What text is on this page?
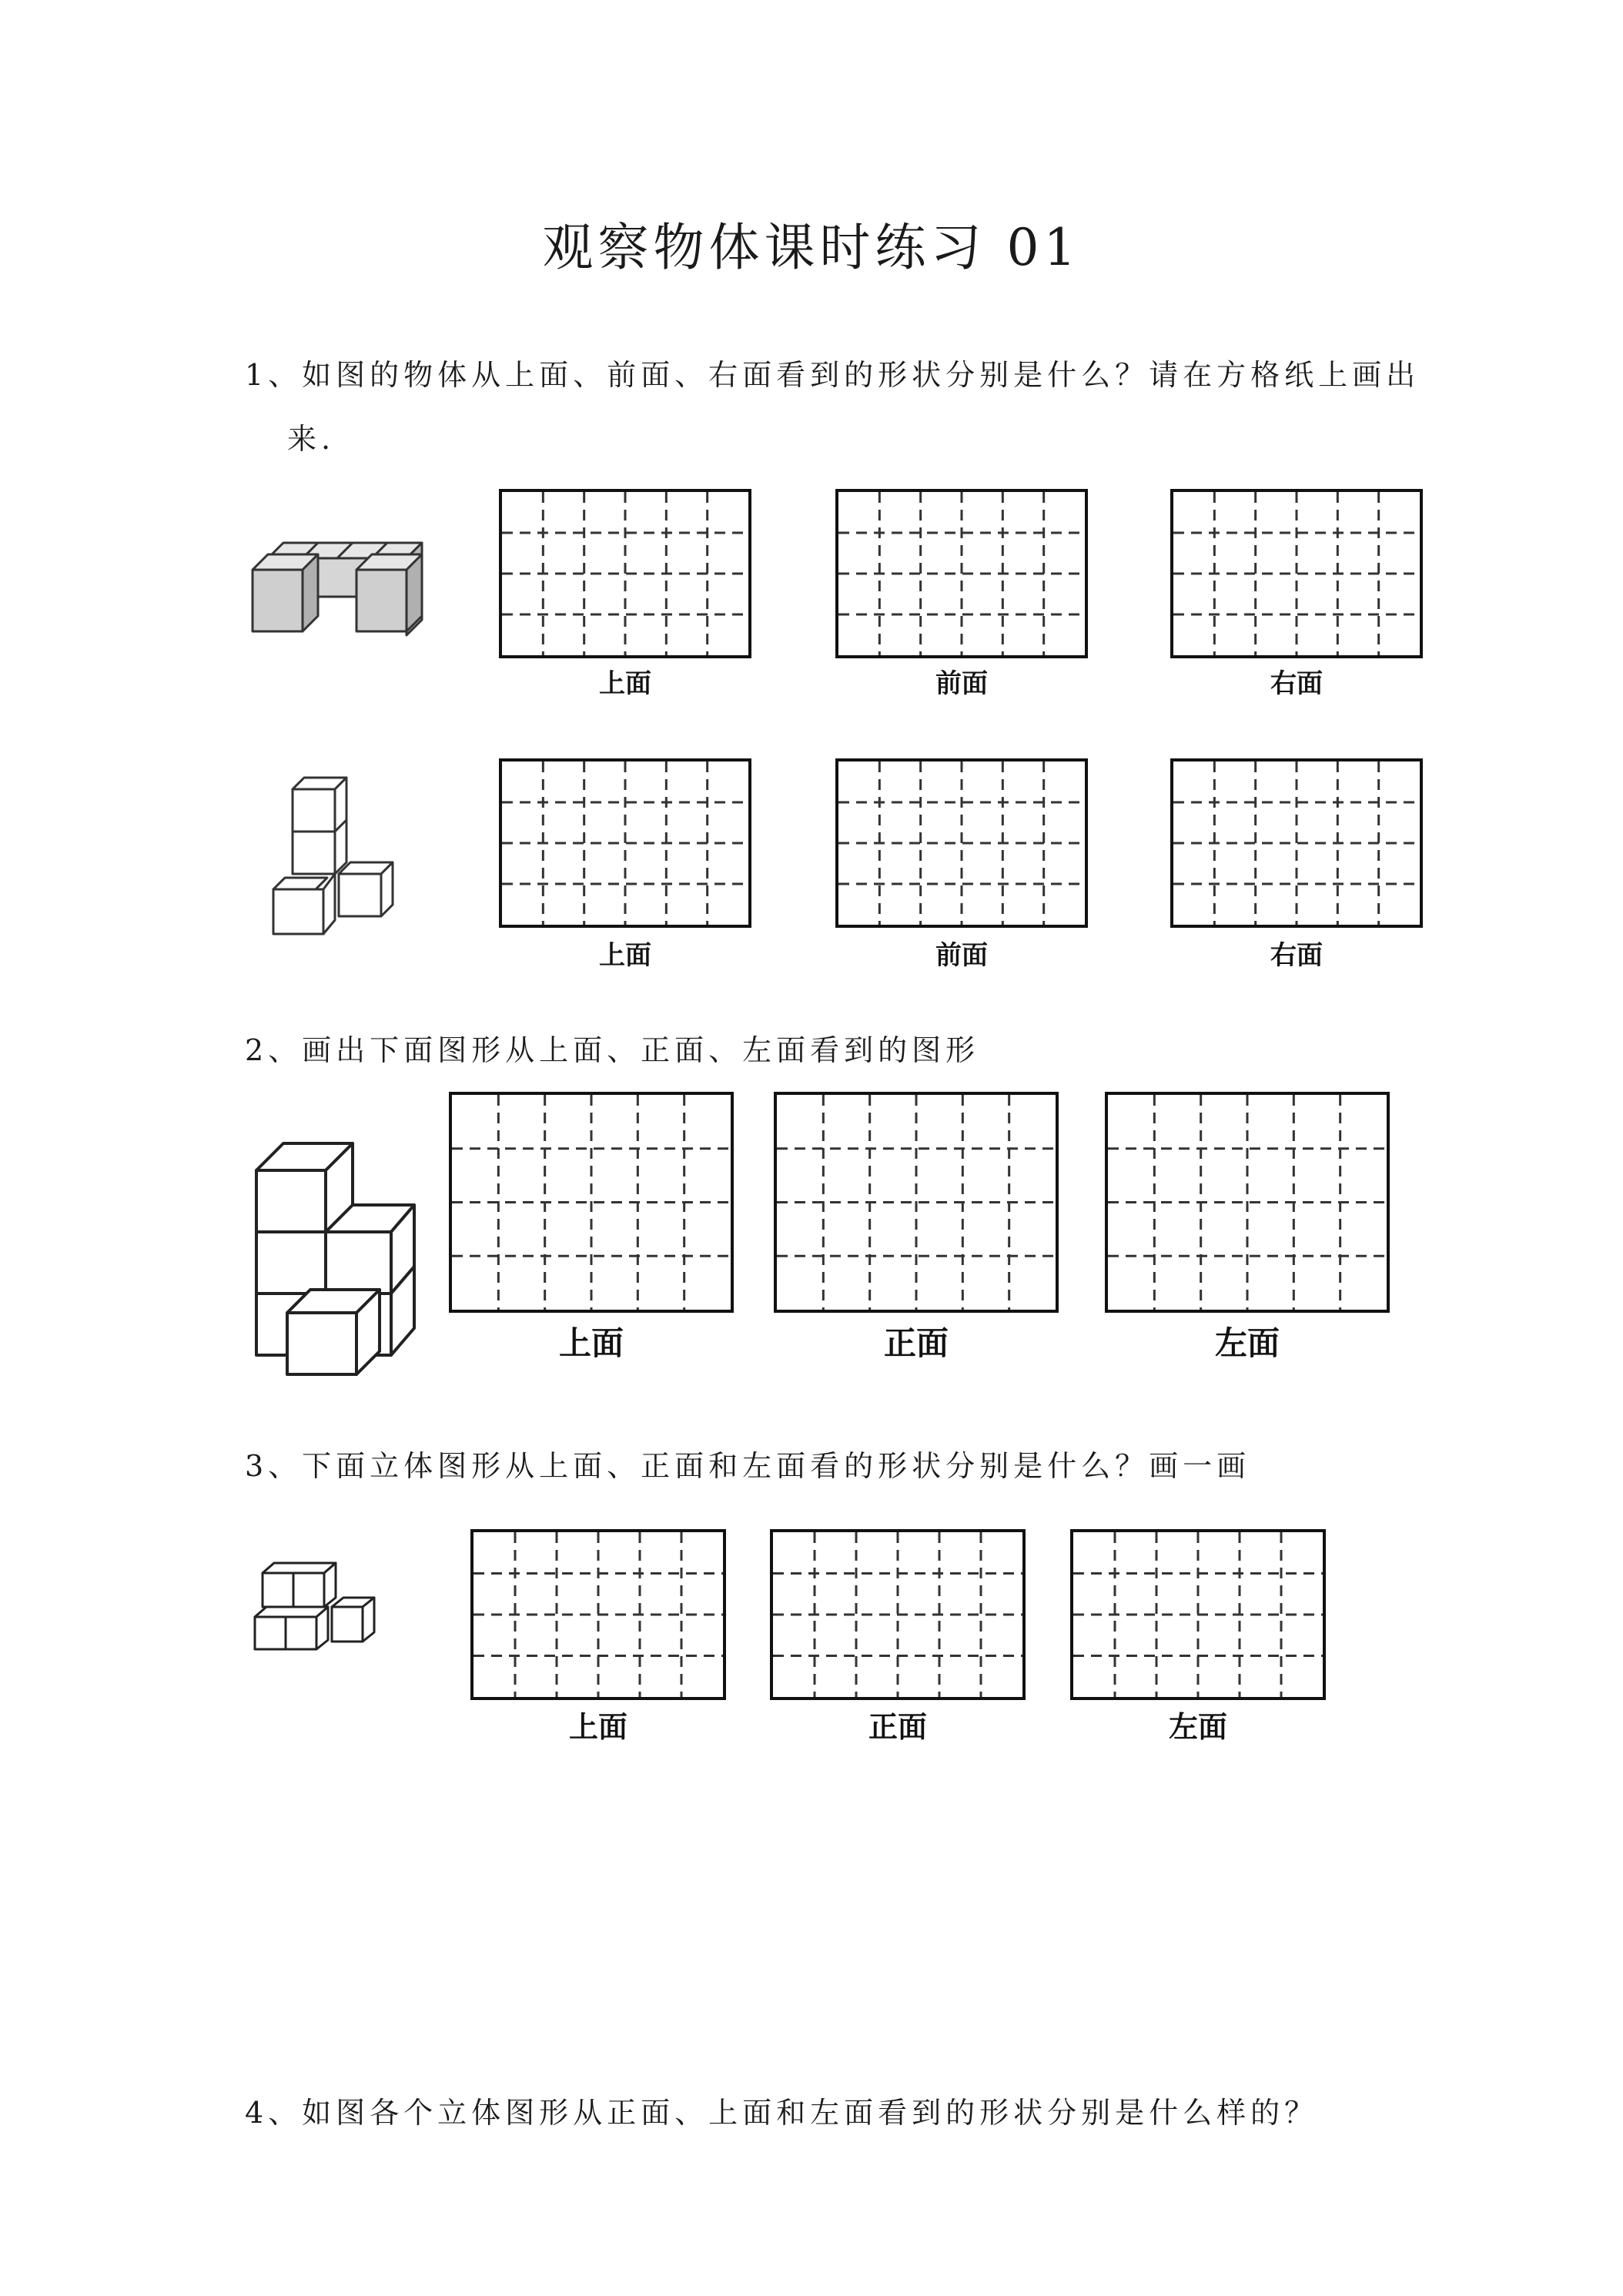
观察物体课时练习 01
1、如图的物体从上面、前面、右面看到的形状分别是什么？请在方格纸上画出
来.
上面	前面	右面
上面	前面	右面
2、画出下面图形从上面、正面、左面看到的图形
上面	正面	左面
3、下面立体图形从上面、正面和左面看的形状分别是什么？画一画
上面	正面	左面
4、如图各个立体图形从正面、上面和左面看到的形状分别是什么样的？
